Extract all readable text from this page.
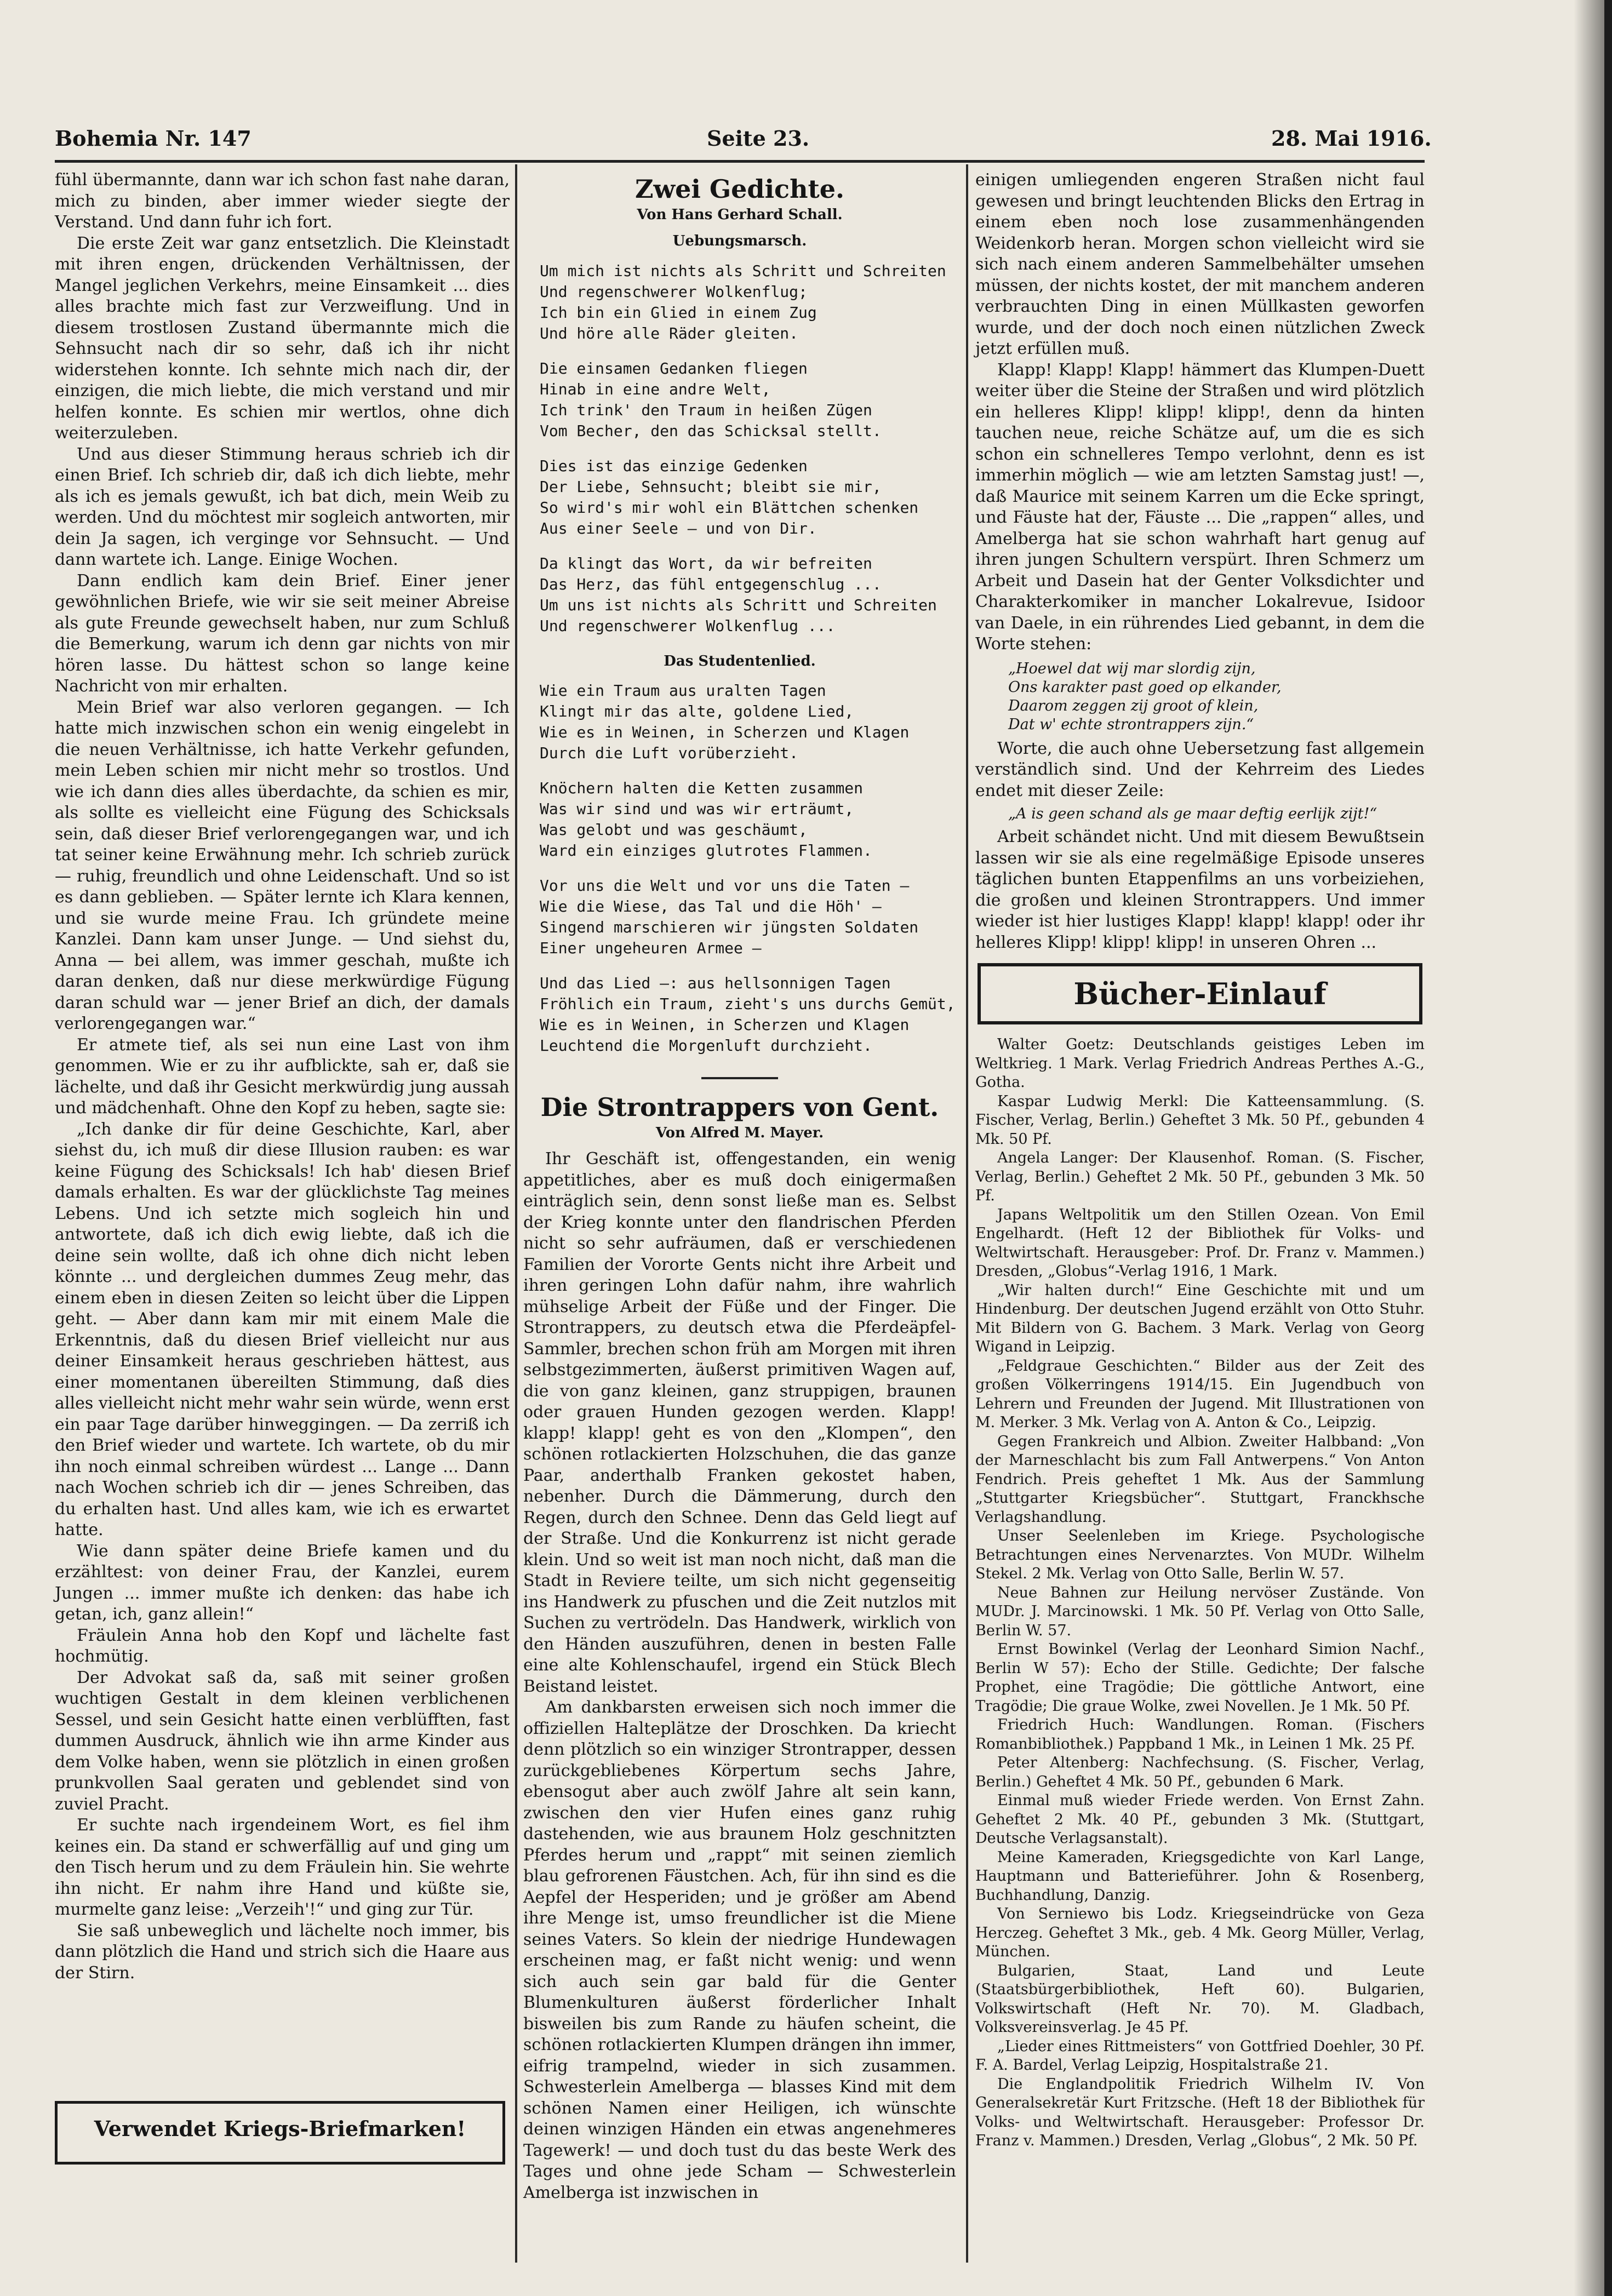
Bohemia Nr. 147	Seite 23.	28. Mai 1916.

fühl übermannte, dann war ich schon fast nahe daran, mich zu binden, aber immer wieder siegte der Verstand. Und dann fuhr ich fort.

Die erste Zeit war ganz entsetzlich. Die Kleinstadt mit ihren engen, drückenden Verhältnissen, der Mangel jeglichen Verkehrs, meine Einsamkeit ... dies alles brachte mich fast zur Verzweiflung. Und in diesem trostlosen Zustand übermannte mich die Sehnsucht nach dir so sehr, daß ich ihr nicht widerstehen konnte. Ich sehnte mich nach dir, der einzigen, die mich liebte, die mich verstand und mir helfen konnte. Es schien mir wertlos, ohne dich weiterzuleben.

Und aus dieser Stimmung heraus schrieb ich dir einen Brief. Ich schrieb dir, daß ich dich liebte, mehr als ich es jemals gewußt, ich bat dich, mein Weib zu werden. Und du möchtest mir sogleich antworten, mir dein Ja sagen, ich verginge vor Sehnsucht. — Und dann wartete ich. Lange. Einige Wochen.

Dann endlich kam dein Brief. Einer jener gewöhnlichen Briefe, wie wir sie seit meiner Abreise als gute Freunde gewechselt haben, nur zum Schluß die Bemerkung, warum ich denn gar nichts von mir hören lasse. Du hättest schon so lange keine Nachricht von mir erhalten.

Mein Brief war also verloren gegangen. — Ich hatte mich inzwischen schon ein wenig eingelebt in die neuen Verhältnisse, ich hatte Verkehr gefunden, mein Leben schien mir nicht mehr so trostlos. Und wie ich dann dies alles überdachte, da schien es mir, als sollte es vielleicht eine Fügung des Schicksals sein, daß dieser Brief verlorengegangen war, und ich tat seiner keine Erwähnung mehr. Ich schrieb zurück — ruhig, freundlich und ohne Leidenschaft. Und so ist es dann geblieben. — Später lernte ich Klara kennen, und sie wurde meine Frau. Ich gründete meine Kanzlei. Dann kam unser Junge. — Und siehst du, Anna — bei allem, was immer geschah, mußte ich daran denken, daß nur diese merkwürdige Fügung daran schuld war — jener Brief an dich, der damals verlorengegangen war.“

Er atmete tief, als sei nun eine Last von ihm genommen. Wie er zu ihr aufblickte, sah er, daß sie lächelte, und daß ihr Gesicht merkwürdig jung aussah und mädchenhaft. Ohne den Kopf zu heben, sagte sie:

„Ich danke dir für deine Geschichte, Karl, aber siehst du, ich muß dir diese Illusion rauben: es war keine Fügung des Schicksals! Ich hab' diesen Brief damals erhalten. Es war der glücklichste Tag meines Lebens. Und ich setzte mich sogleich hin und antwortete, daß ich dich ewig liebte, daß ich die deine sein wollte, daß ich ohne dich nicht leben könnte ... und dergleichen dummes Zeug mehr, das einem eben in diesen Zeiten so leicht über die Lippen geht. — Aber dann kam mir mit einem Male die Erkenntnis, daß du diesen Brief vielleicht nur aus deiner Einsamkeit heraus geschrieben hättest, aus einer momentanen übereilten Stimmung, daß dies alles vielleicht nicht mehr wahr sein würde, wenn erst ein paar Tage darüber hinweggingen. — Da zerriß ich den Brief wieder und wartete. Ich wartete, ob du mir ihn noch einmal schreiben würdest ... Lange ... Dann nach Wochen schrieb ich dir — jenes Schreiben, das du erhalten hast. Und alles kam, wie ich es erwartet hatte.

Wie dann später deine Briefe kamen und du erzähltest: von deiner Frau, der Kanzlei, eurem Jungen ... immer mußte ich denken: das habe ich getan, ich, ganz allein!“

Fräulein Anna hob den Kopf und lächelte fast hochmütig.

Der Advokat saß da, saß mit seiner großen wuchtigen Gestalt in dem kleinen verblichenen Sessel, und sein Gesicht hatte einen verblüfften, fast dummen Ausdruck, ähnlich wie ihn arme Kinder aus dem Volke haben, wenn sie plötzlich in einen großen prunkvollen Saal geraten und geblendet sind von zuviel Pracht.

Er suchte nach irgendeinem Wort, es fiel ihm keines ein. Da stand er schwerfällig auf und ging um den Tisch herum und zu dem Fräulein hin. Sie wehrte ihn nicht. Er nahm ihre Hand und küßte sie, murmelte ganz leise: „Verzeih'!“ und ging zur Tür.

Sie saß unbeweglich und lächelte noch immer, bis dann plötzlich die Hand und strich sich die Haare aus der Stirn.

Verwendet Kriegs-Briefmarken!
Zwei Gedichte.
Von Hans Gerhard Schall.
Uebungsmarsch.
Um mich ist nichts als Schritt und Schreiten
Und regenschwerer Wolkenflug;
Ich bin ein Glied in einem Zug
Und höre alle Räder gleiten.
Die einsamen Gedanken fliegen
Hinab in eine andre Welt,
Ich trink' den Traum in heißen Zügen
Vom Becher, den das Schicksal stellt.
Dies ist das einzige Gedenken
Der Liebe, Sehnsucht; bleibt sie mir,
So wird's mir wohl ein Blättchen schenken
Aus einer Seele — und von Dir.
Da klingt das Wort, da wir befreiten
Das Herz, das fühl entgegenschlug ...
Um uns ist nichts als Schritt und Schreiten
Und regenschwerer Wolkenflug ...
Das Studentenlied.
Wie ein Traum aus uralten Tagen
Klingt mir das alte, goldene Lied,
Wie es in Weinen, in Scherzen und Klagen
Durch die Luft vorüberzieht.
Knöchern halten die Ketten zusammen
Was wir sind und was wir erträumt,
Was gelobt und was geschäumt,
Ward ein einziges glutrotes Flammen.
Vor uns die Welt und vor uns die Taten —
Wie die Wiese, das Tal und die Höh' —
Singend marschieren wir jüngsten Soldaten
Einer ungeheuren Armee —
Und das Lied —: aus hellsonnigen Tagen
Fröhlich ein Traum, zieht's uns durchs Gemüt,
Wie es in Weinen, in Scherzen und Klagen
Leuchtend die Morgenluft durchzieht.
Die Strontrappers von Gent.
Von Alfred M. Mayer.

Ihr Geschäft ist, offengestanden, ein wenig appetitliches, aber es muß doch einigermaßen einträglich sein, denn sonst ließe man es. Selbst der Krieg konnte unter den flandrischen Pferden nicht so sehr aufräumen, daß er verschiedenen Familien der Vororte Gents nicht ihre Arbeit und ihren geringen Lohn dafür nahm, ihre wahrlich mühselige Arbeit der Füße und der Finger. Die Strontrappers, zu deutsch etwa die Pferdeäpfel-Sammler, brechen schon früh am Morgen mit ihren selbstgezimmerten, äußerst primitiven Wagen auf, die von ganz kleinen, ganz struppigen, braunen oder grauen Hunden gezogen werden. Klapp! klapp! klapp! geht es von den „Klompen“, den schönen rotlackierten Holzschuhen, die das ganze Paar, anderthalb Franken gekostet haben, nebenher. Durch die Dämmerung, durch den Regen, durch den Schnee. Denn das Geld liegt auf der Straße. Und die Konkurrenz ist nicht gerade klein. Und so weit ist man noch nicht, daß man die Stadt in Reviere teilte, um sich nicht gegenseitig ins Handwerk zu pfuschen und die Zeit nutzlos mit Suchen zu vertrödeln. Das Handwerk, wirklich von den Händen auszuführen, denen in besten Falle eine alte Kohlenschaufel, irgend ein Stück Blech Beistand leistet.

Am dankbarsten erweisen sich noch immer die offiziellen Halteplätze der Droschken. Da kriecht denn plötzlich so ein winziger Strontrapper, dessen zurückgebliebenes Körpertum sechs Jahre, ebensogut aber auch zwölf Jahre alt sein kann, zwischen den vier Hufen eines ganz ruhig dastehenden, wie aus braunem Holz geschnitzten Pferdes herum und „rappt“ mit seinen ziemlich blau gefrorenen Fäustchen. Ach, für ihn sind es die Aepfel der Hesperiden; und je größer am Abend ihre Menge ist, umso freundlicher ist die Miene seines Vaters. So klein der niedrige Hundewagen erscheinen mag, er faßt nicht wenig: und wenn sich auch sein gar bald für die Genter Blumenkulturen äußerst förderlicher Inhalt bisweilen bis zum Rande zu häufen scheint, die schönen rotlackierten Klumpen drängen ihn immer, eifrig trampelnd, wieder in sich zusammen. Schwesterlein Amelberga — blasses Kind mit dem schönen Namen einer Heiligen, ich wünschte deinen winzigen Händen ein etwas angenehmeres Tagewerk! — und doch tust du das beste Werk des Tages und ohne jede Scham — Schwesterlein Amelberga ist inzwischen in

einigen umliegenden engeren Straßen nicht faul gewesen und bringt leuchtenden Blicks den Ertrag in einem eben noch lose zusammenhängenden Weidenkorb heran. Morgen schon vielleicht wird sie sich nach einem anderen Sammelbehälter umsehen müssen, der nichts kostet, der mit manchem anderen verbrauchten Ding in einen Müllkasten geworfen wurde, und der doch noch einen nützlichen Zweck jetzt erfüllen muß.

Klapp! Klapp! Klapp! hämmert das Klumpen-Duett weiter über die Steine der Straßen und wird plötzlich ein helleres Klipp! klipp! klipp!, denn da hinten tauchen neue, reiche Schätze auf, um die es sich schon ein schnelleres Tempo verlohnt, denn es ist immerhin möglich — wie am letzten Samstag just! —, daß Maurice mit seinem Karren um die Ecke springt, und Fäuste hat der, Fäuste ... Die „rappen“ alles, und Amelberga hat sie schon wahrhaft hart genug auf ihren jungen Schultern verspürt. Ihren Schmerz um Arbeit und Dasein hat der Genter Volksdichter und Charakterkomiker in mancher Lokalrevue, Isidoor van Daele, in ein rührendes Lied gebannt, in dem die Worte stehen:

„Hoewel dat wij mar slordig zijn,
Ons karakter past goed op elkander,
Daarom zeggen zij groot of klein,
Dat w' echte strontrappers zijn.“

Worte, die auch ohne Uebersetzung fast allgemein verständlich sind. Und der Kehrreim des Liedes endet mit dieser Zeile:

„A is geen schand als ge maar deftig eerlijk zijt!“

Arbeit schändet nicht. Und mit diesem Bewußtsein lassen wir sie als eine regelmäßige Episode unseres täglichen bunten Etappenfilms an uns vorbeiziehen, die großen und kleinen Strontrappers. Und immer wieder ist hier lustiges Klapp! klapp! klapp! oder ihr helleres Klipp! klipp! klipp! in unseren Ohren ...

Bücher-Einlauf

Walter Goetz: Deutschlands geistiges Leben im Weltkrieg. 1 Mark. Verlag Friedrich Andreas Perthes A.-G., Gotha.

Kaspar Ludwig Merkl: Die Katteensammlung. (S. Fischer, Verlag, Berlin.) Geheftet 3 Mk. 50 Pf., gebunden 4 Mk. 50 Pf.

Angela Langer: Der Klausenhof. Roman. (S. Fischer, Verlag, Berlin.) Geheftet 2 Mk. 50 Pf., gebunden 3 Mk. 50 Pf.

Japans Weltpolitik um den Stillen Ozean. Von Emil Engelhardt. (Heft 12 der Bibliothek für Volks- und Weltwirtschaft. Herausgeber: Prof. Dr. Franz v. Mammen.) Dresden, „Globus“-Verlag 1916, 1 Mark.

„Wir halten durch!“ Eine Geschichte mit und um Hindenburg. Der deutschen Jugend erzählt von Otto Stuhr. Mit Bildern von G. Bachem. 3 Mark. Verlag von Georg Wigand in Leipzig.

„Feldgraue Geschichten.“ Bilder aus der Zeit des großen Völkerringens 1914/15. Ein Jugendbuch von Lehrern und Freunden der Jugend. Mit Illustrationen von M. Merker. 3 Mk. Verlag von A. Anton & Co., Leipzig.

Gegen Frankreich und Albion. Zweiter Halbband: „Von der Marneschlacht bis zum Fall Antwerpens.“ Von Anton Fendrich. Preis geheftet 1 Mk. Aus der Sammlung „Stuttgarter Kriegsbücher“. Stuttgart, Franckhsche Verlagshandlung.

Unser Seelenleben im Kriege. Psychologische Betrachtungen eines Nervenarztes. Von MUDr. Wilhelm Stekel. 2 Mk. Verlag von Otto Salle, Berlin W. 57.

Neue Bahnen zur Heilung nervöser Zustände. Von MUDr. J. Marcinowski. 1 Mk. 50 Pf. Verlag von Otto Salle, Berlin W. 57.

Ernst Bowinkel (Verlag der Leonhard Simion Nachf., Berlin W 57): Echo der Stille. Gedichte; Der falsche Prophet, eine Tragödie; Die göttliche Antwort, eine Tragödie; Die graue Wolke, zwei Novellen. Je 1 Mk. 50 Pf.

Friedrich Huch: Wandlungen. Roman. (Fischers Romanbibliothek.) Pappband 1 Mk., in Leinen 1 Mk. 25 Pf.

Peter Altenberg: Nachfechsung. (S. Fischer, Verlag, Berlin.) Geheftet 4 Mk. 50 Pf., gebunden 6 Mark.

Einmal muß wieder Friede werden. Von Ernst Zahn. Geheftet 2 Mk. 40 Pf., gebunden 3 Mk. (Stuttgart, Deutsche Verlagsanstalt).

Meine Kameraden, Kriegsgedichte von Karl Lange, Hauptmann und Batterieführer. John & Rosenberg, Buchhandlung, Danzig.

Von Serniewo bis Lodz. Kriegseindrücke von Geza Herczeg. Geheftet 3 Mk., geb. 4 Mk. Georg Müller, Verlag, München.

Bulgarien, Staat, Land und Leute (Staatsbürgerbibliothek, Heft 60). Bulgarien, Volkswirtschaft (Heft Nr. 70). M. Gladbach, Volksvereinsverlag. Je 45 Pf.

„Lieder eines Rittmeisters“ von Gottfried Doehler, 30 Pf. F. A. Bardel, Verlag Leipzig, Hospitalstraße 21.

Die Englandpolitik Friedrich Wilhelm IV. Von Generalsekretär Kurt Fritzsche. (Heft 18 der Bibliothek für Volks- und Weltwirtschaft. Herausgeber: Professor Dr. Franz v. Mammen.) Dresden, Verlag „Globus“, 2 Mk. 50 Pf.
